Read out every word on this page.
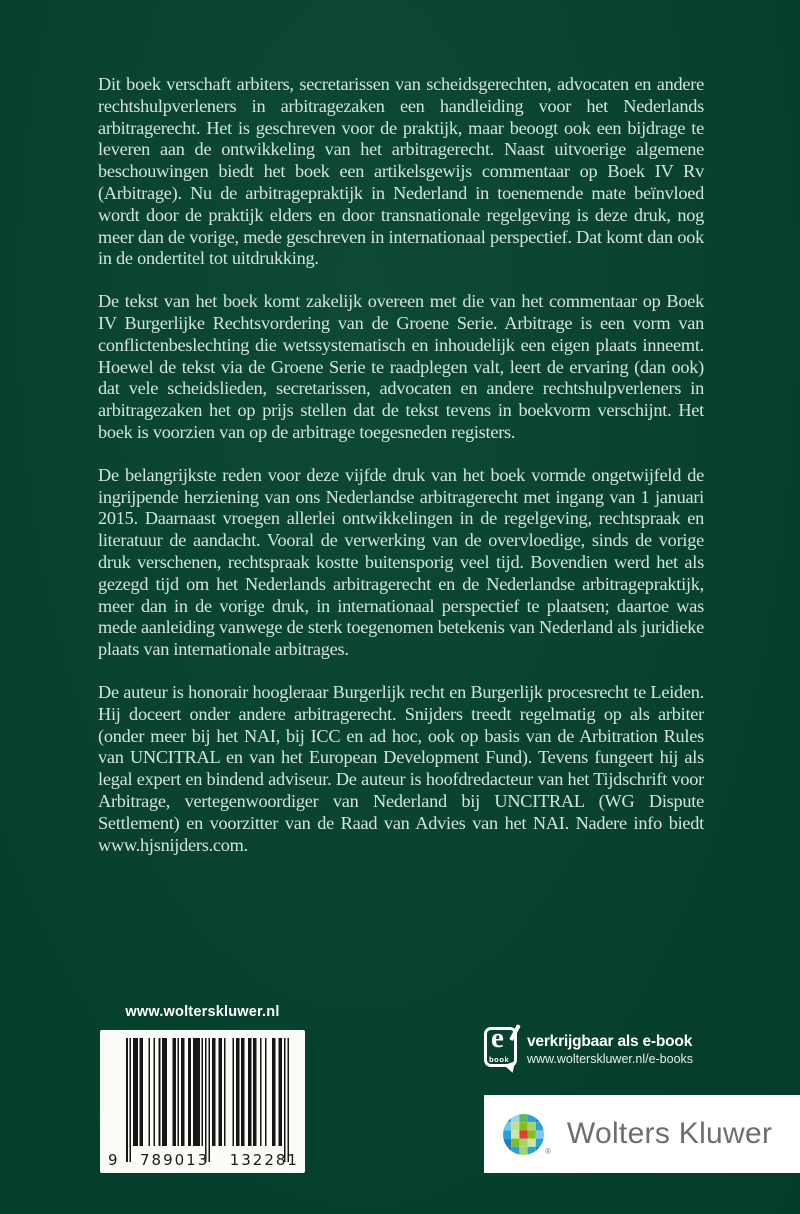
Dit boek verschaft arbiters, secretarissen van scheidsgerechten, advocaten en andere rechtshulpverleners in arbitragezaken een handleiding voor het Nederlands arbitragerecht. Het is geschreven voor de praktijk, maar beoogt ook een bijdrage te leveren aan de ontwikkeling van het arbitragerecht. Naast uitvoerige algemene beschouwingen biedt het boek een artikelsgewijs commentaar op Boek IV Rv (Arbitrage). Nu de arbitragepraktijk in Nederland in toenemende mate beïnvloed wordt door de praktijk elders en door transnationale regelgeving is deze druk, nog meer dan de vorige, mede geschreven in internationaal perspectief. Dat komt dan ook in de ondertitel tot uitdrukking.

De tekst van het boek komt zakelijk overeen met die van het commentaar op Boek IV Burgerlijke Rechtsvordering van de Groene Serie. Arbitrage is een vorm van conflictenbeslechting die wetssystematisch en inhoudelijk een eigen plaats inneemt. Hoewel de tekst via de Groene Serie te raadplegen valt, leert de ervaring (dan ook) dat vele scheidslieden, secretarissen, advocaten en andere rechtshulpverleners in arbitragezaken het op prijs stellen dat de tekst tevens in boekvorm verschijnt. Het boek is voorzien van op de arbitrage toegesneden registers.

De belangrijkste reden voor deze vijfde druk van het boek vormde ongetwijfeld de ingrijpende herziening van ons Nederlandse arbitragerecht met ingang van 1 januari 2015. Daarnaast vroegen allerlei ontwikkelingen in de regelgeving, rechtspraak en literatuur de aandacht. Vooral de verwerking van de overvloedige, sinds de vorige druk verschenen, rechtspraak kostte buitensporig veel tijd. Bovendien werd het als gezegd tijd om het Nederlands arbitragerecht en de Nederlandse arbitragepraktijk, meer dan in de vorige druk, in internationaal perspectief te plaatsen; daartoe was mede aanleiding vanwege de sterk toegenomen betekenis van Nederland als juridieke plaats van internationale arbitrages.

De auteur is honorair hoogleraar Burgerlijk recht en Burgerlijk procesrecht te Leiden. Hij doceert onder andere arbitragerecht. Snijders treedt regelmatig op als arbiter (onder meer bij het NAI, bij ICC en ad hoc, ook op basis van de Arbitration Rules van UNCITRAL en van het European Development Fund). Tevens fungeert hij als legal expert en bindend adviseur. De auteur is hoofdredacteur van het Tijdschrift voor Arbitrage, vertegenwoordiger van Nederland bij UNCITRAL (WG Dispute Settlement) en voorzitter van de Raad van Advies van het NAI. Nadere info biedt www.hjsnijders.com.

www.wolterskluwer.nl
9 789013 132281
e
book
verkrijgbaar als e-book
www.wolterskluwer.nl/e-books
®
Wolters Kluwer
